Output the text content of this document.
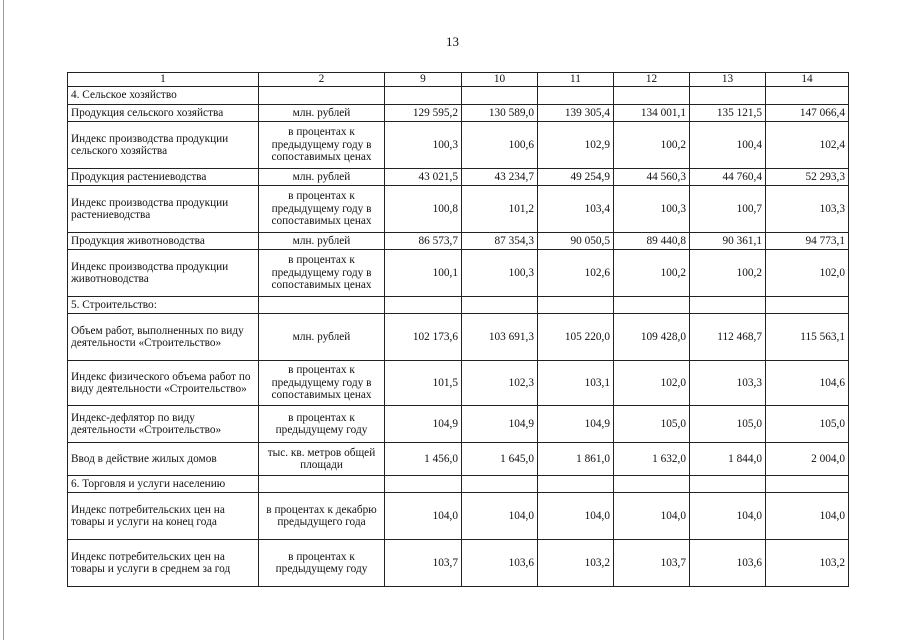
13
1	2	9	10	11	12	13	14
4. Сельское хозяйство							
Продукция сельского хозяйства	млн. рублей	129 595,2	130 589,0	139 305,4	134 001,1	135 121,5	147 066,4
Индекс производства продукции сельского хозяйства	в процентах к предыдущему году в сопоставимых ценах	100,3	100,6	102,9	100,2	100,4	102,4
Продукция растениеводства	млн. рублей	43 021,5	43 234,7	49 254,9	44 560,3	44 760,4	52 293,3
Индекс производства продукции растениеводства	в процентах к предыдущему году в сопоставимых ценах	100,8	101,2	103,4	100,3	100,7	103,3
Продукция животноводства	млн. рублей	86 573,7	87 354,3	90 050,5	89 440,8	90 361,1	94 773,1
Индекс производства продукции животноводства	в процентах к предыдущему году в сопоставимых ценах	100,1	100,3	102,6	100,2	100,2	102,0
5. Строительство:							
Объем работ, выполненных по виду деятельности «Строительство»	млн. рублей	102 173,6	103 691,3	105 220,0	109 428,0	112 468,7	115 563,1
Индекс физического объема работ по виду деятельности «Строительство»	в процентах к предыдущему году в сопоставимых ценах	101,5	102,3	103,1	102,0	103,3	104,6
Индекс-дефлятор по виду деятельности «Строительство»	в процентах к предыдущему году	104,9	104,9	104,9	105,0	105,0	105,0
Ввод в действие жилых домов	тыс. кв. метров общей площади	1 456,0	1 645,0	1 861,0	1 632,0	1 844,0	2 004,0
6. Торговля и услуги населению							
Индекс потребительских цен на товары и услуги на конец года	в процентах к декабрю предыдущего года	104,0	104,0	104,0	104,0	104,0	104,0
Индекс потребительских цен на товары и услуги в среднем за год	в процентах к предыдущему году	103,7	103,6	103,2	103,7	103,6	103,2
